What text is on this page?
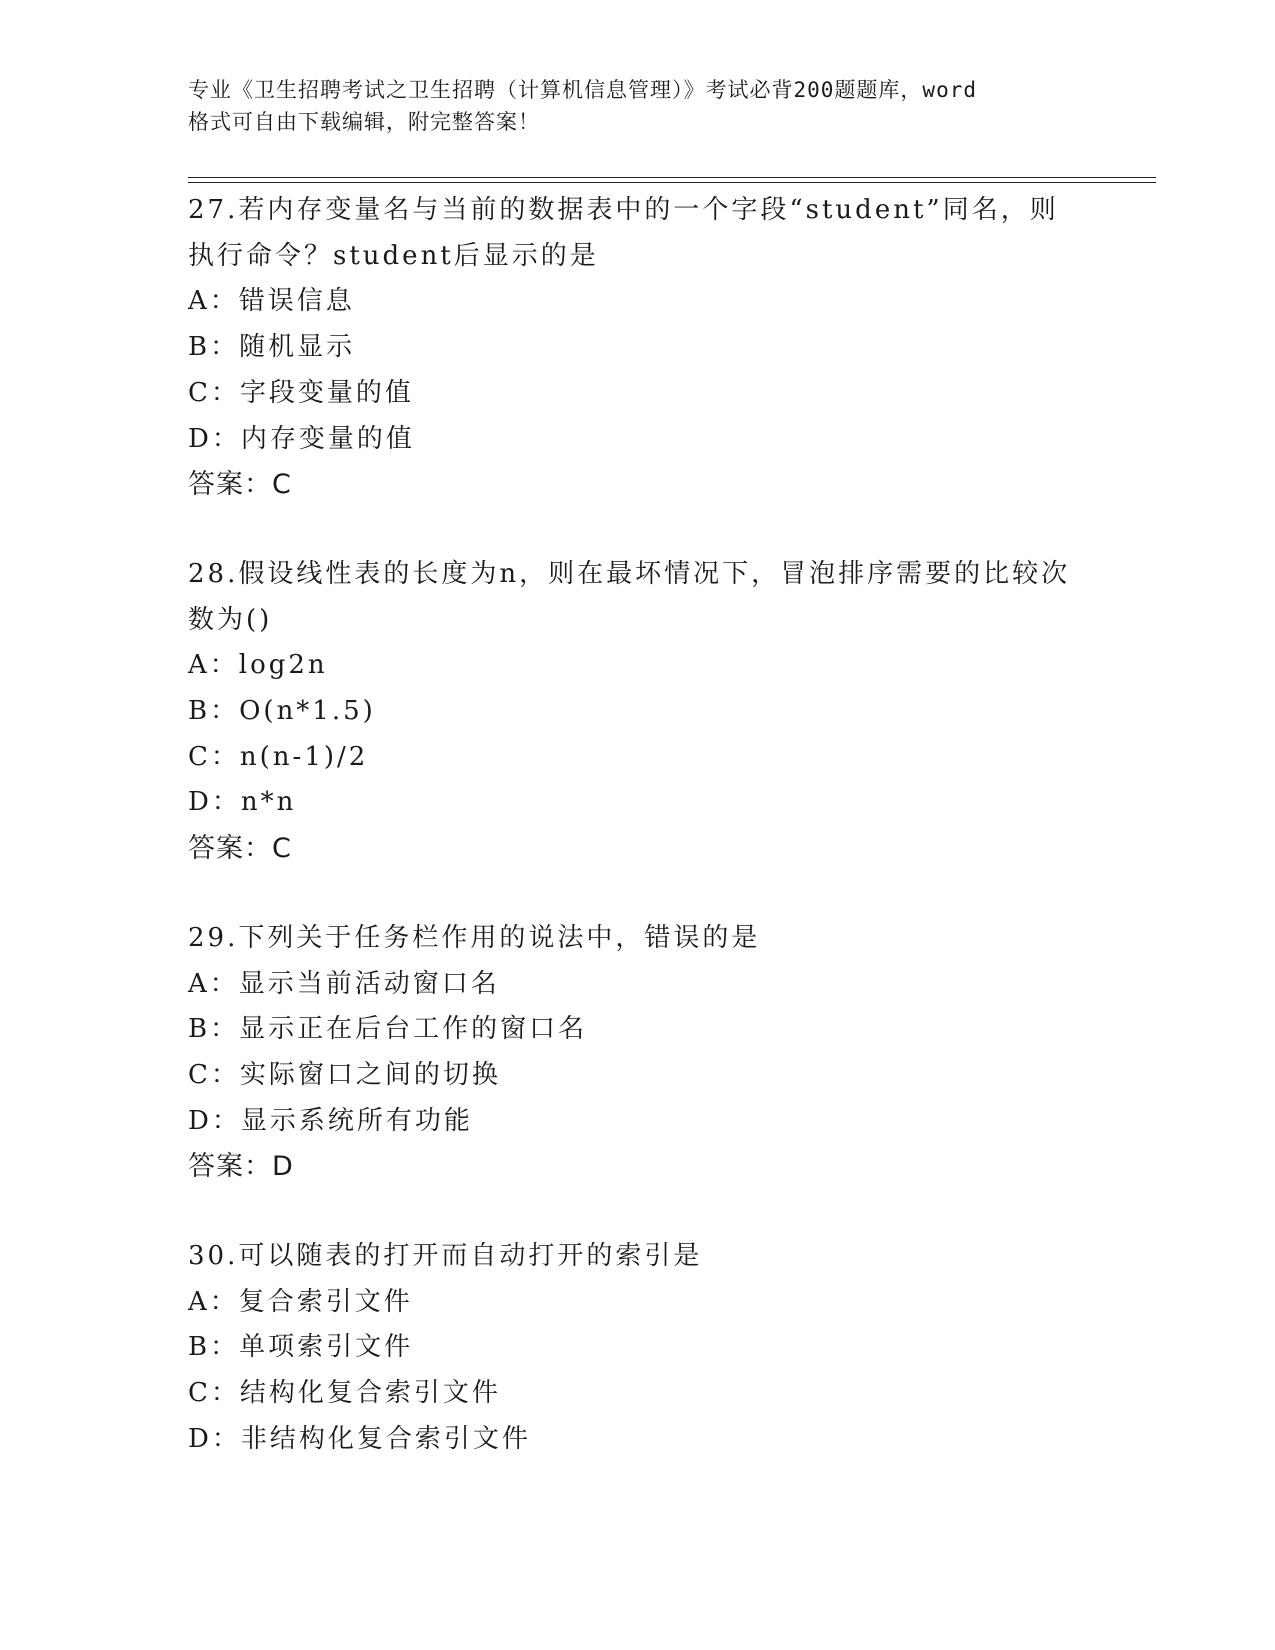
专业《卫生招聘考试之卫生招聘（计算机信息管理）》考试必背200题题库，word
格式可自由下载编辑，附完整答案！
27.若内存变量名与当前的数据表中的一个字段“student”同名，则
执行命令？student后显示的是
A：错误信息
B：随机显示
C：字段变量的值
D：内存变量的值
答案：C
28.假设线性表的长度为n，则在最坏情况下，冒泡排序需要的比较次
数为()
A：log2n
B：O(n*1.5)
C：n(n-1)/2
D：n*n
答案：C
29.下列关于任务栏作用的说法中，错误的是
A：显示当前活动窗口名
B：显示正在后台工作的窗口名
C：实际窗口之间的切换
D：显示系统所有功能
答案：D
30.可以随表的打开而自动打开的索引是
A：复合索引文件
B：单项索引文件
C：结构化复合索引文件
D：非结构化复合索引文件
